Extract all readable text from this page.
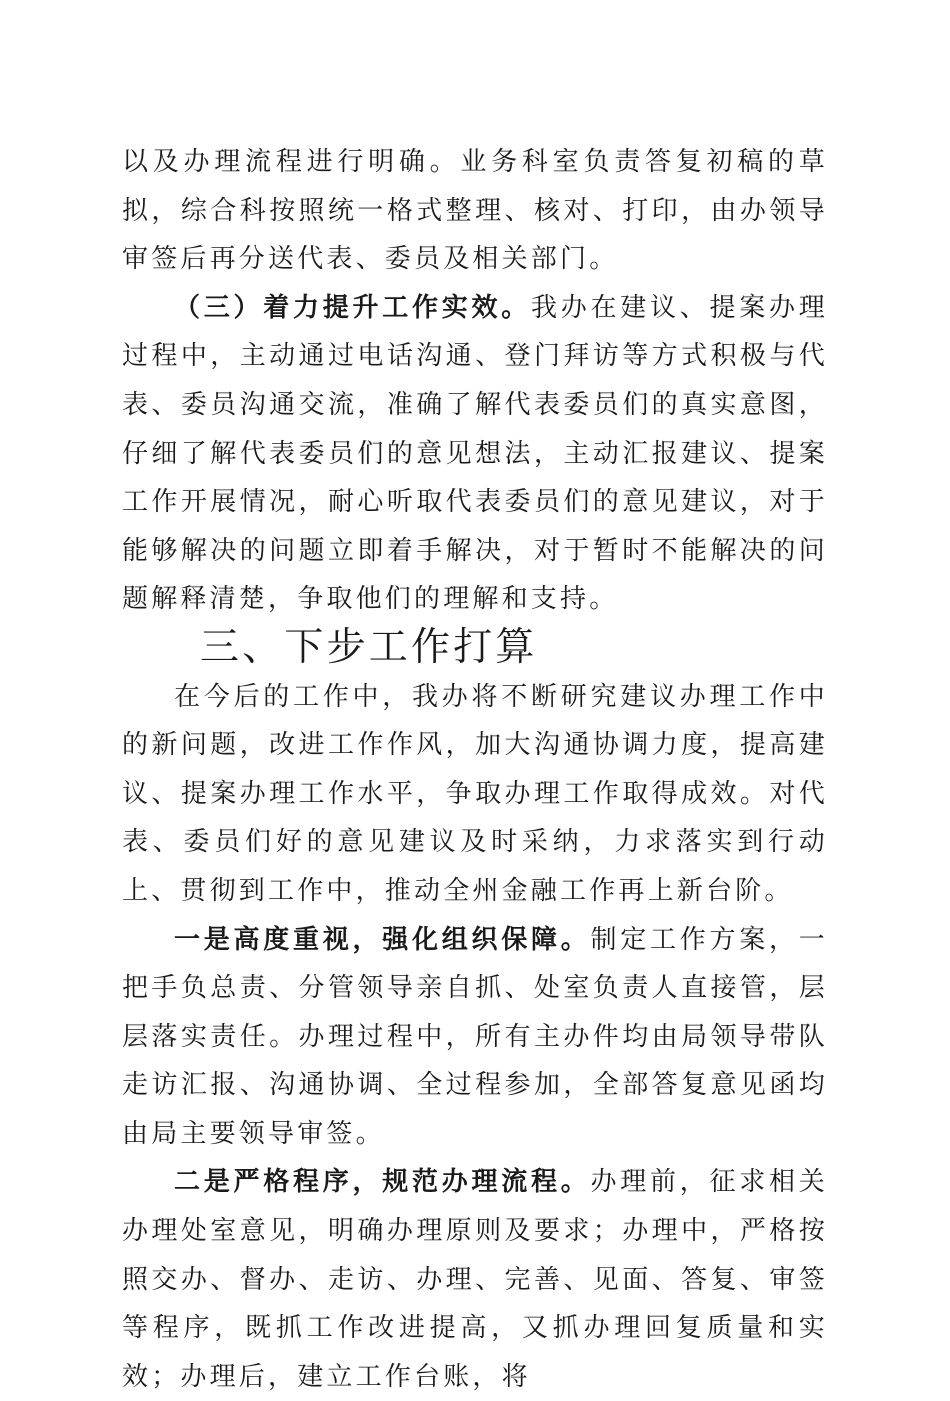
以及办理流程进行明确。业务科室负责答复初稿的草拟，综合科按照统一格式整理、核对、打印，由办领导审签后再分送代表、委员及相关部门。

（三）着力提升工作实效。我办在建议、提案办理过程中，主动通过电话沟通、登门拜访等方式积极与代表、委员沟通交流，准确了解代表委员们的真实意图，仔细了解代表委员们的意见想法，主动汇报建议、提案工作开展情况，耐心听取代表委员们的意见建议，对于能够解决的问题立即着手解决，对于暂时不能解决的问题解释清楚，争取他们的理解和支持。

三、下步工作打算

在今后的工作中，我办将不断研究建议办理工作中的新问题，改进工作作风，加大沟通协调力度，提高建议、提案办理工作水平，争取办理工作取得成效。对代表、委员们好的意见建议及时采纳，力求落实到行动上、贯彻到工作中，推动全州金融工作再上新台阶。

一是高度重视，强化组织保障。制定工作方案，一把手负总责、分管领导亲自抓、处室负责人直接管，层层落实责任。办理过程中，所有主办件均由局领导带队走访汇报、沟通协调、全过程参加，全部答复意见函均由局主要领导审签。

二是严格程序，规范办理流程。办理前，征求相关办理处室意见，明确办理原则及要求；办理中，严格按照交办、督办、走访、办理、完善、见面、答复、审签等程序，既抓工作改进提高，又抓办理回复质量和实效；办理后，建立工作台账，将
